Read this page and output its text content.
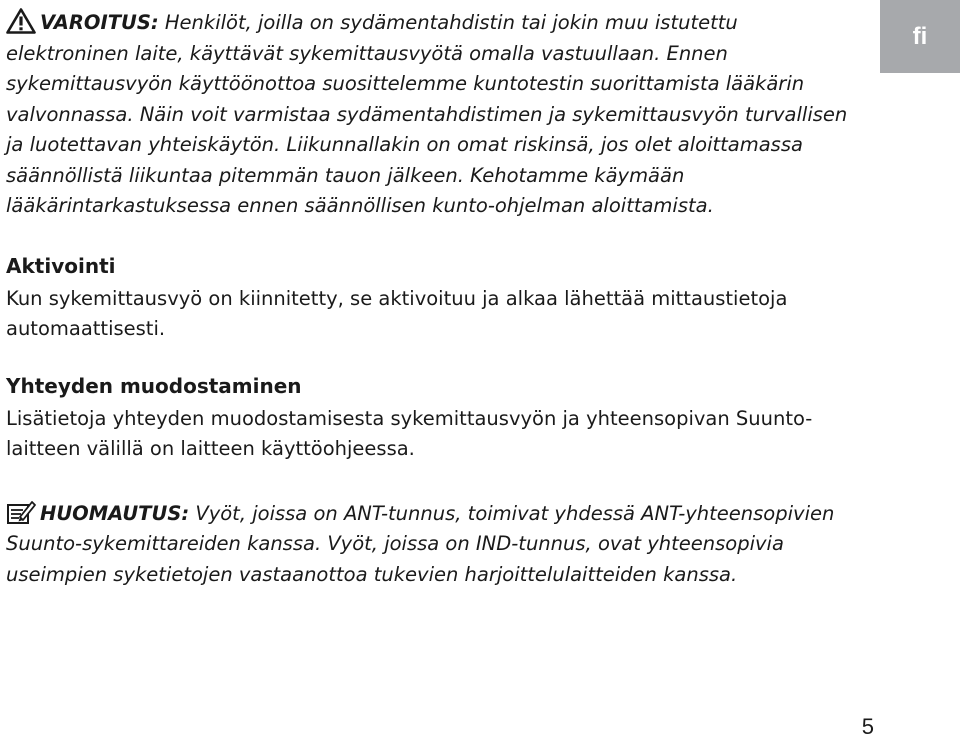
VAROITUS: Henkilöt, joilla on sydämentahdistin tai jokin muu istutettu elektroninen laite, käyttävät sykemittausvyötä omalla vastuullaan. Ennen sykemittausvyön käyttöönottoa suosittelemme kuntotestin suorittamista lääkärin valvonnassa. Näin voit varmistaa sydämentahdistimen ja sykemittausvyön turvallisen ja luotettavan yhteiskäytön. Liikunnallakin on omat riskinsä, jos olet aloittamassa säännöllistä liikuntaa pitemmän tauon jälkeen. Kehotamme käymään lääkärintarkastuksessa ennen säännöllisen kunto-ohjelman aloittamista.

Aktivointi

Kun sykemittausvyö on kiinnitetty, se aktivoituu ja alkaa lähettää mittaustietoja automaattisesti.

Yhteyden muodostaminen

Lisätietoja yhteyden muodostamisesta sykemittausvyön ja yhteensopivan Suunto-laitteen välillä on laitteen käyttöohjeessa.

HUOMAUTUS: Vyöt, joissa on ANT-tunnus, toimivat yhdessä ANT-yhteensopivien Suunto-sykemittareiden kanssa. Vyöt, joissa on IND-tunnus, ovat yhteensopivia useimpien syketietojen vastaanottoa tukevien harjoittelulaitteiden kanssa.

fi
5
